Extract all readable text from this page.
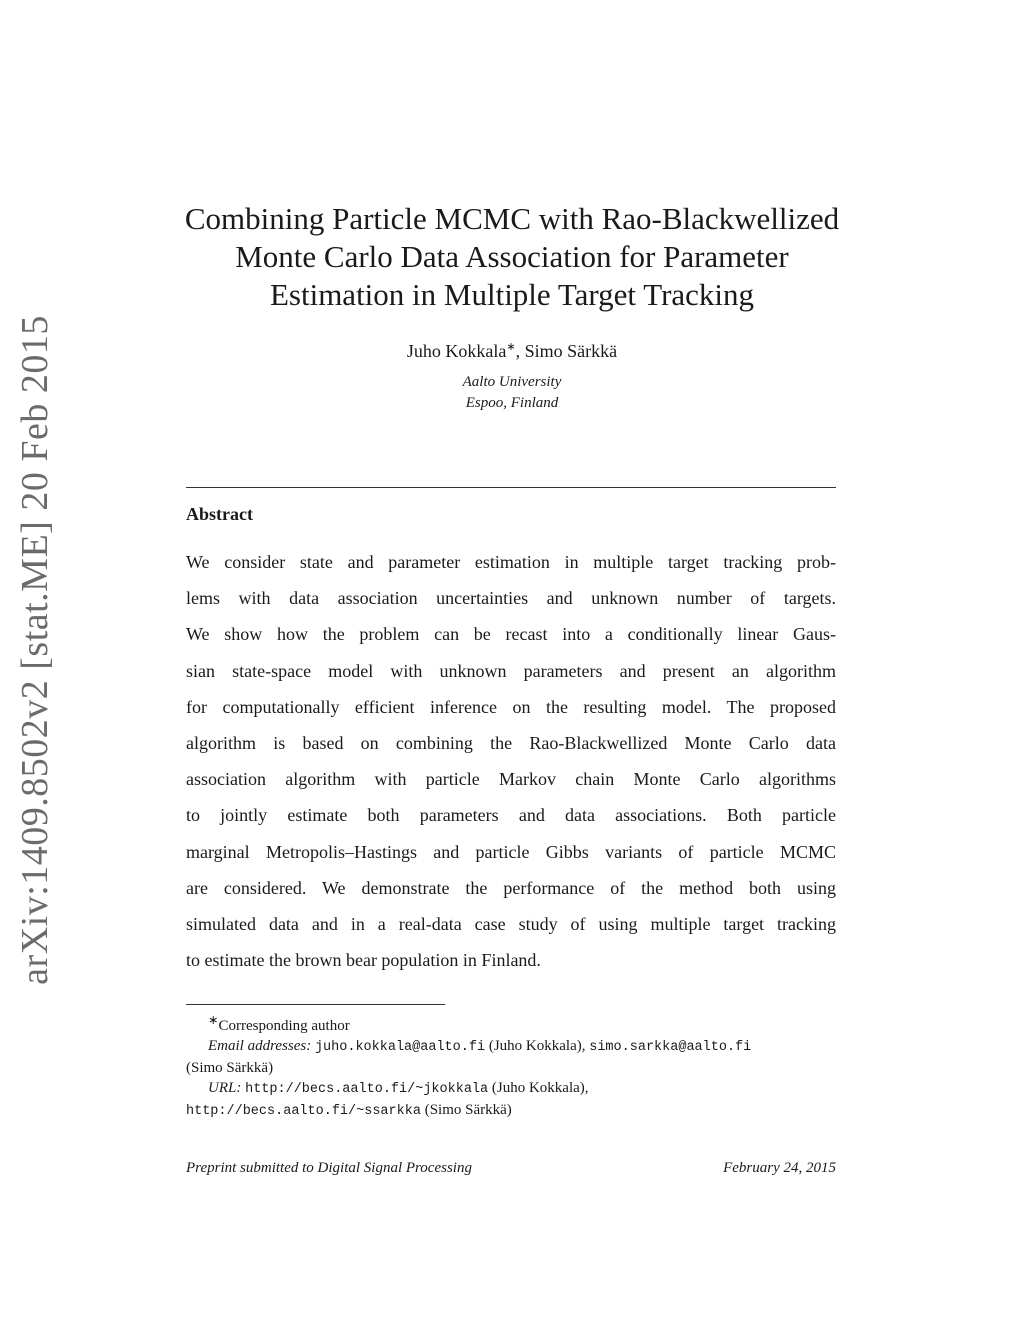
arXiv:1409.8502v2 [stat.ME] 20 Feb 2015
Combining Particle MCMC with Rao-Blackwellized
Monte Carlo Data Association for Parameter
Estimation in Multiple Target Tracking
Juho Kokkala∗, Simo Särkkä
Aalto University
Espoo, Finland
Abstract
We consider state and parameter estimation in multiple target tracking prob-
lems with data association uncertainties and unknown number of targets.
We show how the problem can be recast into a conditionally linear Gaus-
sian state-space model with unknown parameters and present an algorithm
for computationally efficient inference on the resulting model. The proposed
algorithm is based on combining the Rao-Blackwellized Monte Carlo data
association algorithm with particle Markov chain Monte Carlo algorithms
to jointly estimate both parameters and data associations. Both particle
marginal Metropolis–Hastings and particle Gibbs variants of particle MCMC
are considered. We demonstrate the performance of the method both using
simulated data and in a real-data case study of using multiple target tracking
to estimate the brown bear population in Finland.
∗Corresponding author
Email addresses: juho.kokkala@aalto.fi (Juho Kokkala), simo.sarkka@aalto.fi
(Simo Särkkä)
URL: http://becs.aalto.fi/~jkokkala (Juho Kokkala),
http://becs.aalto.fi/~ssarkka (Simo Särkkä)
Preprint submitted to Digital Signal Processing	February 24, 2015
